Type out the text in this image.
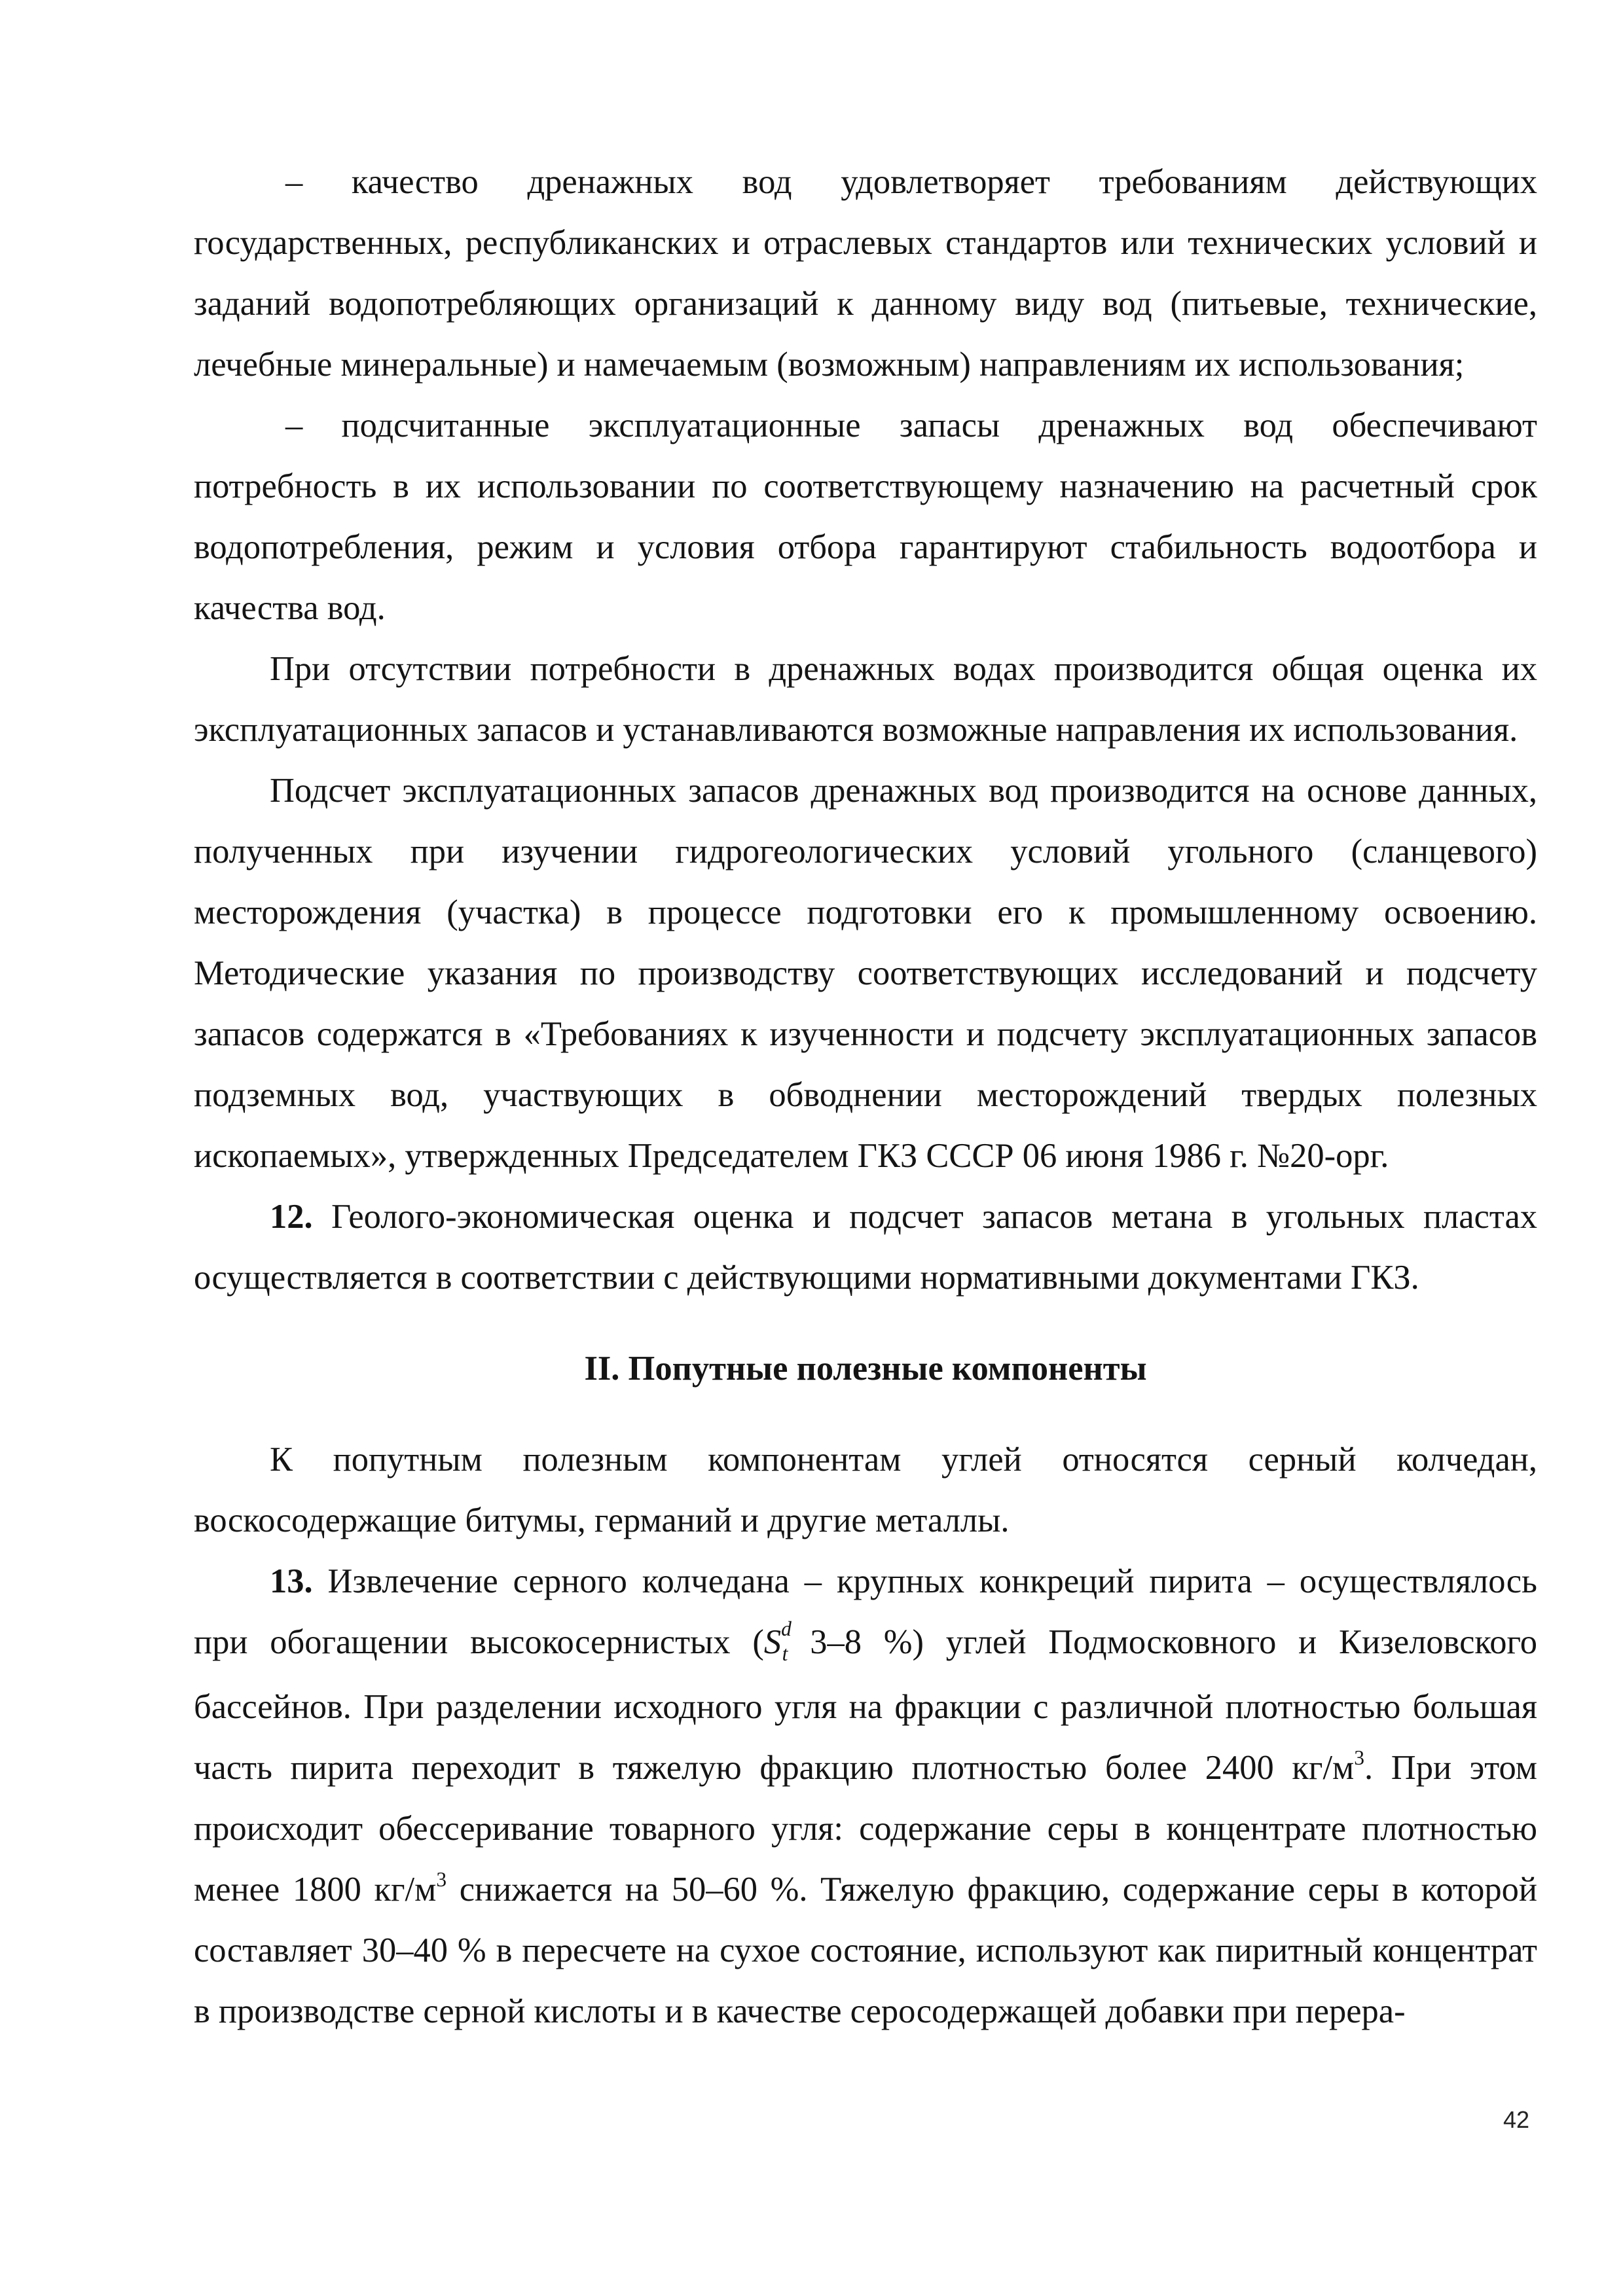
– качество дренажных вод удовлетворяет требованиям действующих государственных, республиканских и отраслевых стандартов или технических условий и заданий водопотребляющих организаций к данному виду вод (питьевые, технические, лечебные минеральные) и намечаемым (возможным) направлениям их использования;

– подсчитанные эксплуатационные запасы дренажных вод обеспечивают потребность в их использовании по соответствующему назначению на расчетный срок водопотребления, режим и условия отбора гарантируют стабильность водоотбора и качества вод.

При отсутствии потребности в дренажных водах производится общая оценка их эксплуатационных запасов и устанавливаются возможные направления их использования.

Подсчет эксплуатационных запасов дренажных вод производится на основе данных, полученных при изучении гидрогеологических условий угольного (сланцевого) месторождения (участка) в процессе подготовки его к промышленному освоению. Методические указания по производству соответствующих исследований и подсчету запасов содержатся в «Требованиях к изученности и подсчету эксплуатационных запасов подземных вод, участвующих в обводнении месторождений твердых полезных ископаемых», утвержденных Председателем ГКЗ СССР 06 июня 1986 г. №20-орг.

12. Геолого-экономическая оценка и подсчет запасов метана в угольных пластах осуществляется в соответствии с действующими нормативными документами ГКЗ.

II. Попутные полезные компоненты

К попутным полезным компонентам углей относятся серный колчедан, воскосодержащие битумы, германий и другие металлы.

13. Извлечение серного колчедана – крупных конкреций пирита – осуществлялось при обогащении высокосернистых ($S^d_t$ 3–8 %) углей Подмосковного и Кизеловского бассейнов. При разделении исходного угля на фракции с различной плотностью большая часть пирита переходит в тяжелую фракцию плотностью более 2400 $кг/м^3$. При этом происходит обессеривание товарного угля: содержание серы в концентрате плотностью менее 1800 $кг/м^3$ снижается на 50–60 %. Тяжелую фракцию, содержание серы в которой составляет 30–40 % в пересчете на сухое состояние, используют как пиритный концентрат в производстве серной кислоты и в качестве серосодержащей добавки при перера-

42
